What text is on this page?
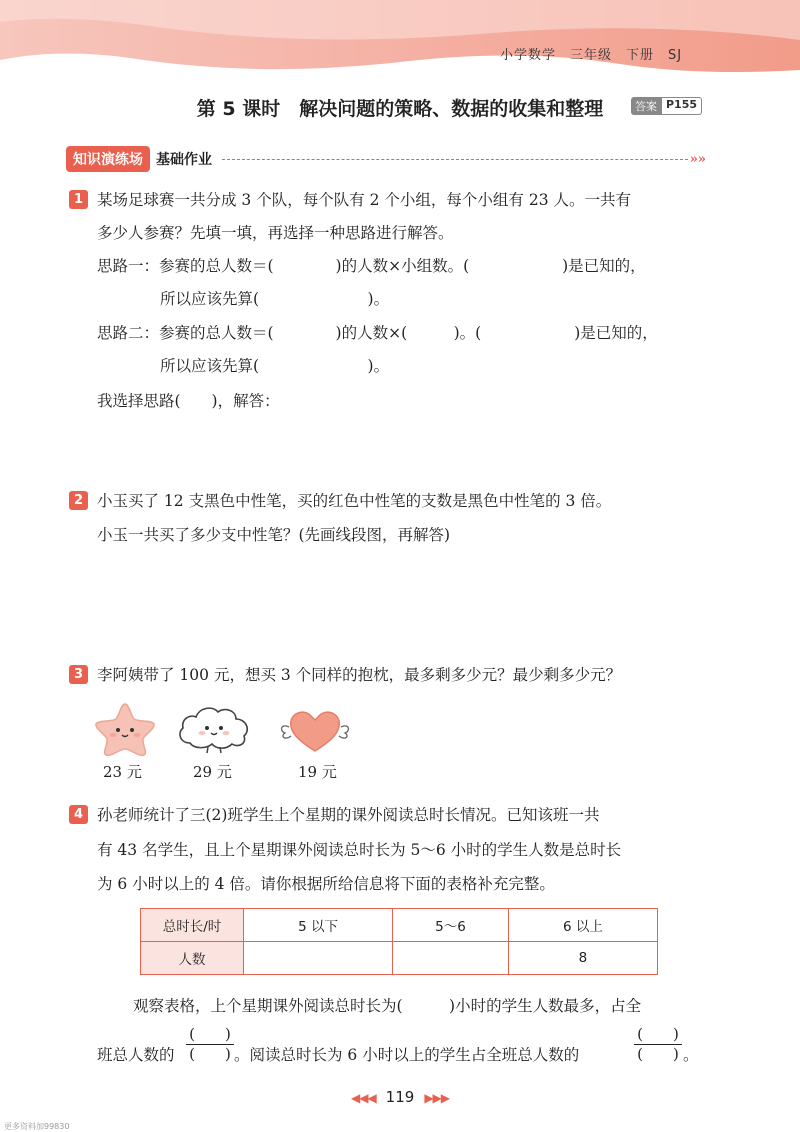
小学数学 三年级 下册 SJ
第 5 课时　解决问题的策略、数据的收集和整理	答案 P155
知识演练场 基础作业	»»
1 某场足球赛一共分成 3 个队，每个队有 2 个小组，每个小组有 23 人。一共有
多少人参赛？先填一填，再选择一种思路进行解答。
思路一：参赛的总人数＝(　　　　)的人数×小组数。(　　　　　　)是已知的，
所以应该先算(　　　　　　　)。
思路二：参赛的总人数＝(　　　　)的人数×(　　　)。(　　　　　　)是已知的，
所以应该先算(　　　　　　　)。
我选择思路(　　)，解答：
2 小玉买了 12 支黑色中性笔，买的红色中性笔的支数是黑色中性笔的 3 倍。
小玉一共买了多少支中性笔？(先画线段图，再解答)
3 李阿姨带了 100 元，想买 3 个同样的抱枕，最多剩多少元？最少剩多少元？
23 元	29 元	19 元
4 孙老师统计了三(2)班学生上个星期的课外阅读总时长情况。已知该班一共
有 43 名学生，且上个星期课外阅读总时长为 5～6 小时的学生人数是总时长
为 6 小时以上的 4 倍。请你根据所给信息将下面的表格补充完整。
总时长/时	5 以下	5～6	6 以上
人数			8
观察表格，上个星期课外阅读总时长为(　　　)小时的学生人数最多，占全
班总人数的
(　　)
(　　) 。阅读总时长为 6 小时以上的学生占全班总人数的
(　　)
(　　) 。
◀◀◀ 119 ▶▶▶
更多资料加99830
